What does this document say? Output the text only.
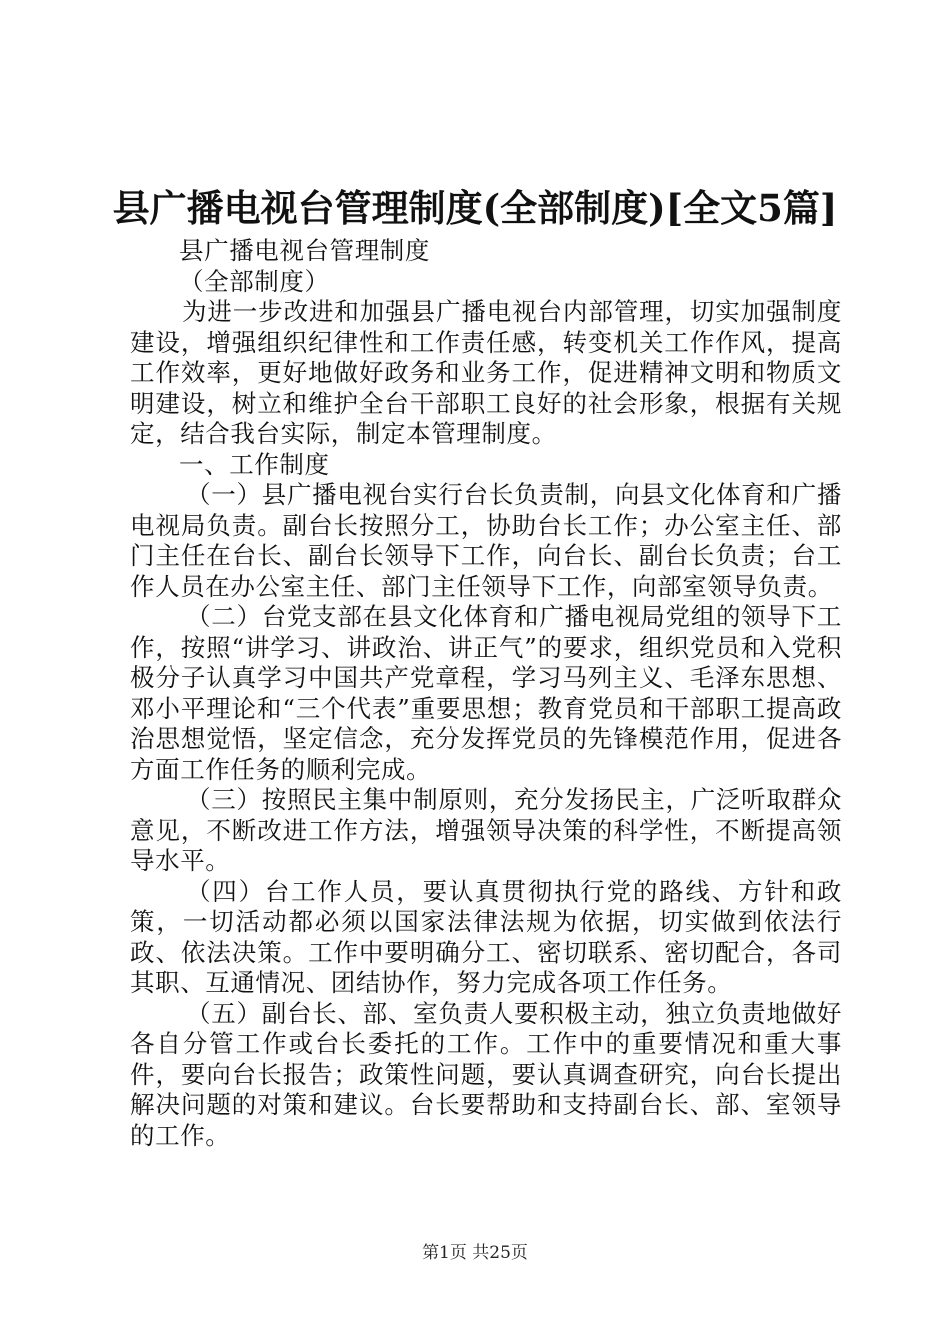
县广播电视台管理制度(全部制度)[全文5篇]

县广播电视台管理制度

（全部制度）

为进一步改进和加强县广播电视台内部管理，切实加强制度建设，增强组织纪律性和工作责任感，转变机关工作作风，提高工作效率，更好地做好政务和业务工作，促进精神文明和物质文明建设，树立和维护全台干部职工良好的社会形象，根据有关规定，结合我台实际，制定本管理制度。

一、工作制度

（一）县广播电视台实行台长负责制，向县文化体育和广播电视局负责。副台长按照分工，协助台长工作；办公室主任、部门主任在台长、副台长领导下工作，向台长、副台长负责；台工作人员在办公室主任、部门主任领导下工作，向部室领导负责。

（二）台党支部在县文化体育和广播电视局党组的领导下工作，按照“讲学习、讲政治、讲正气”的要求，组织党员和入党积极分子认真学习中国共产党章程，学习马列主义、毛泽东思想、邓小平理论和“三个代表”重要思想；教育党员和干部职工提高政治思想觉悟，坚定信念，充分发挥党员的先锋模范作用，促进各方面工作任务的顺利完成。

（三）按照民主集中制原则，充分发扬民主，广泛听取群众意见，不断改进工作方法，增强领导决策的科学性，不断提高领导水平。

（四）台工作人员，要认真贯彻执行党的路线、方针和政策，一切活动都必须以国家法律法规为依据，切实做到依法行政、依法决策。工作中要明确分工、密切联系、密切配合，各司其职、互通情况、团结协作，努力完成各项工作任务。

（五）副台长、部、室负责人要积极主动，独立负责地做好各自分管工作或台长委托的工作。工作中的重要情况和重大事件，要向台长报告；政策性问题，要认真调查研究，向台长提出解决问题的对策和建议。台长要帮助和支持副台长、部、室领导的工作。

第1页 共25页
